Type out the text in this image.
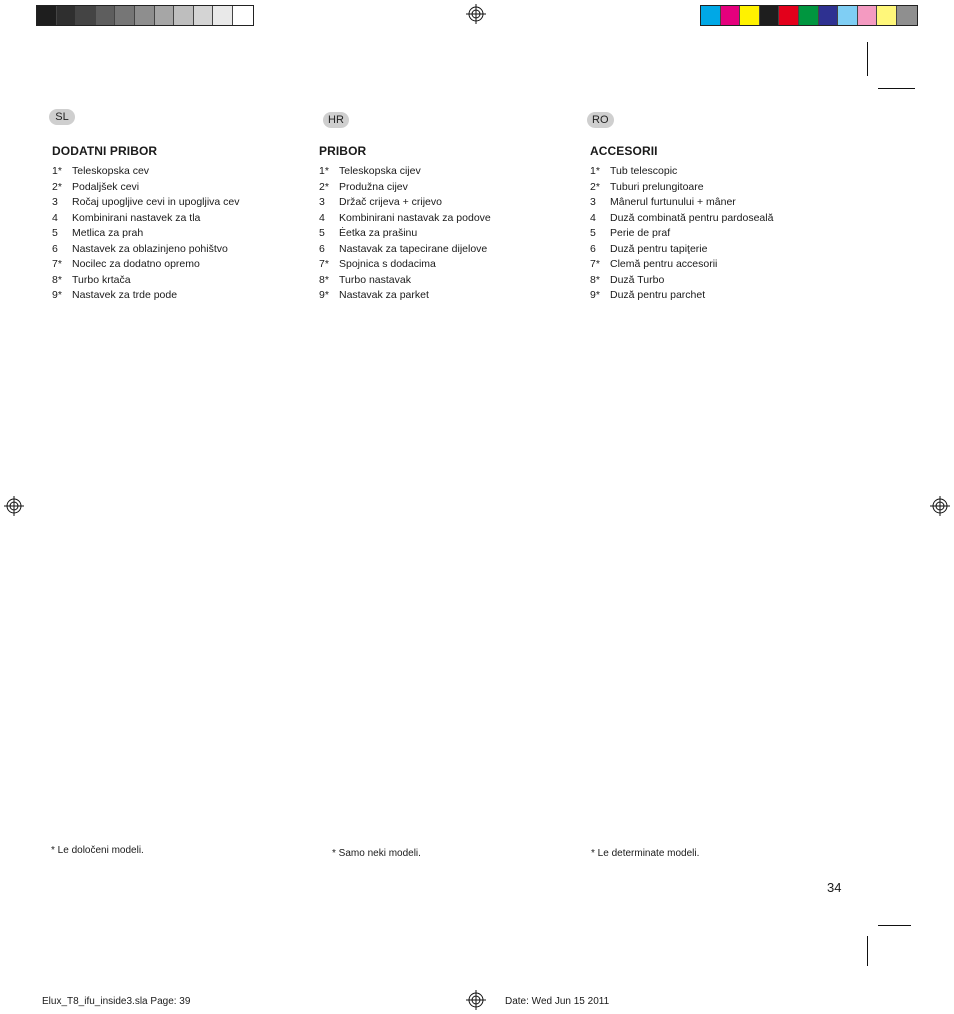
SL	HR	RO
DODATNI PRIBOR
1* Teleskopska cev
2* Podaljšek cevi
3	Ročaj upogljive cevi in upogljiva cev
4	Kombinirani nastavek za tla
5	Metlica za prah
6	Nastavek za oblazinjeno pohištvo
7* Nocilec za dodatno opremo
8* Turbo krtača
9* Nastavek za trde pode
PRIBOR
1* Teleskopska cijev
2* Produžna cijev
3	Držač crijeva + crijevo
4	Kombinirani nastavak za podove
5	Ėetka za prašinu
6	Nastavak za tapecirane dijelove
7* Spojnica s dodacima
8* Turbo nastavak
9* Nastavak za parket
ACCESORII
1* Tub telescopic
2* Tuburi prelungitoare
3	Mânerul furtunului + mâner
4	Duză combinată pentru pardoseală
5	Perie de praf
6	Duză pentru tapiţerie
7* Clemă pentru accesorii
8* Duză Turbo
9* Duză pentru parchet
* Le določeni modeli.	* Samo neki modeli.	* Le determinate modeli.
34
Elux_T8_ifu_inside3.sla Page: 39	Date: Wed Jun 15 2011
